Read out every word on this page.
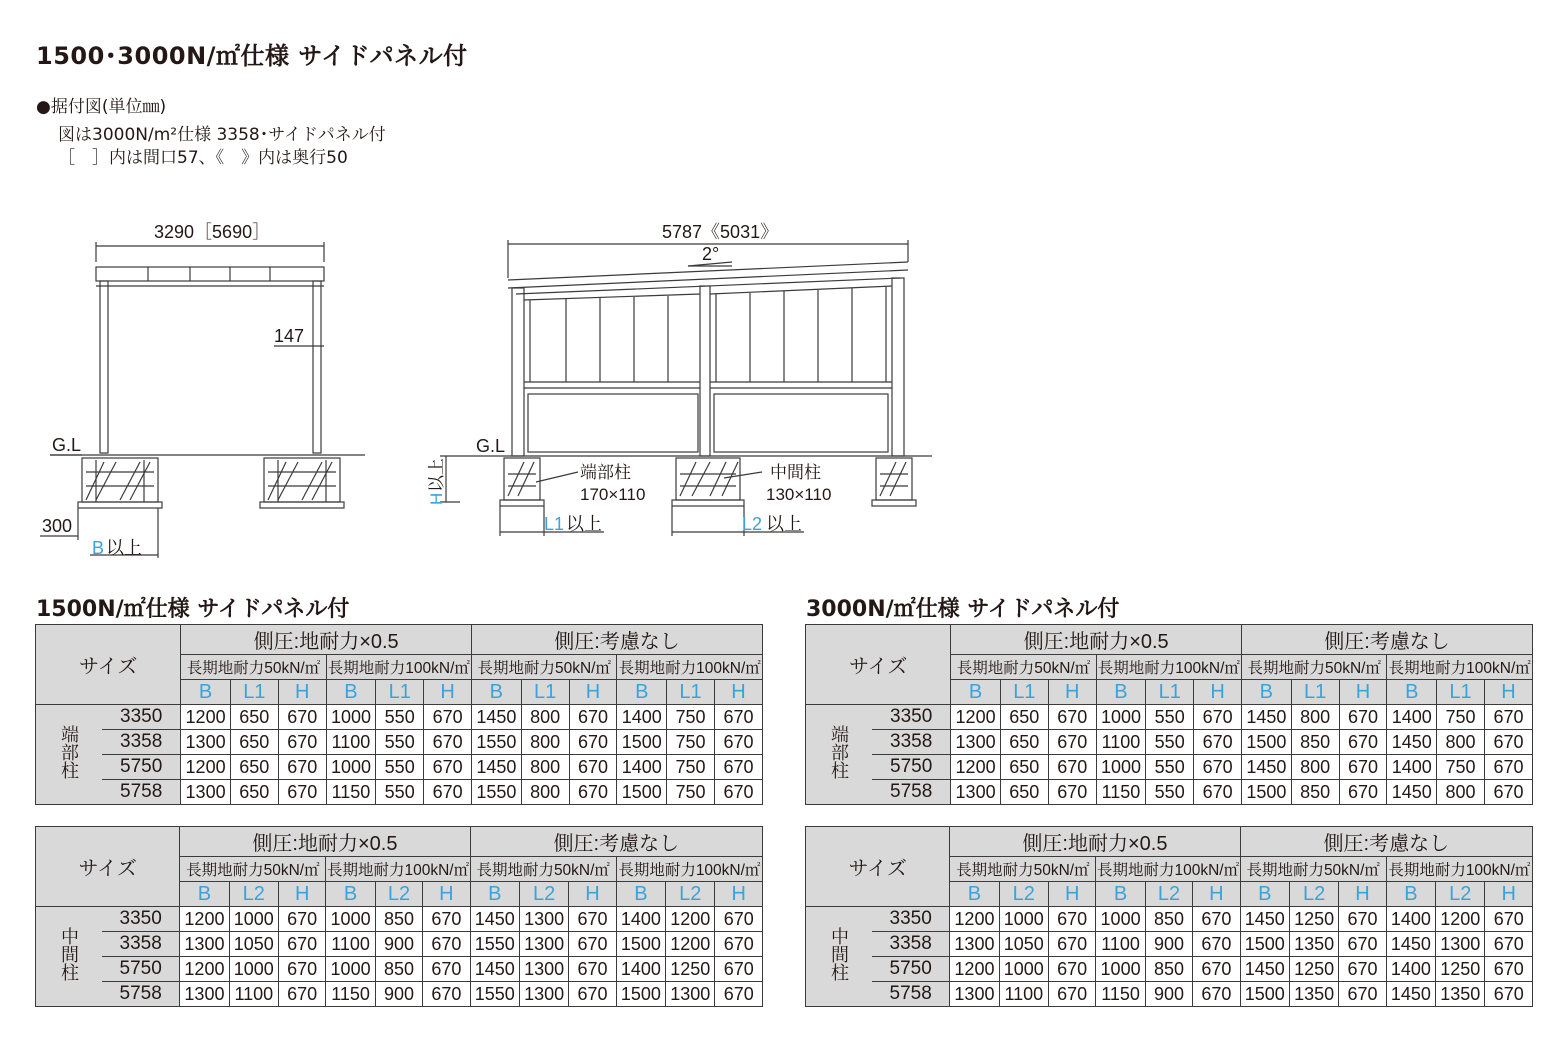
1500･3000N/㎡仕様 サイドパネル付
●据付図(単位㎜)
図は3000N/m²仕様 3358･サイドパネル付
［　］内は間口57、《　》内は奥行50
3290［5690］
147
G.L
300
B 以上
5787《5031》
2°
G.L
端部柱
170×110
中間柱
130×110
H
以上
L1 以上	L2 以上
1500N/㎡仕様 サイドパネル付	3000N/㎡仕様 サイドパネル付
サイズ		側圧:地耐力×0.5						側圧:考慮なし					
		長期地耐力50kN/㎡			長期地耐力100kN/㎡			長期地耐力50kN/㎡			長期地耐力100kN/㎡		
		B	L1	H	B	L1	H	B	L1	H	B	L1	H
端部柱	3350	1200	650	670	1000	550	670	1450	800	670	1400	750	670
	3358	1300	650	670	1100	550	670	1550	800	670	1500	750	670
	5750	1200	650	670	1000	550	670	1450	800	670	1400	750	670
	5758	1300	650	670	1150	550	670	1550	800	670	1500	750	670
サイズ		側圧:地耐力×0.5						側圧:考慮なし					
		長期地耐力50kN/㎡			長期地耐力100kN/㎡			長期地耐力50kN/㎡			長期地耐力100kN/㎡		
		B	L2	H	B	L2	H	B	L2	H	B	L2	H
中間柱	3350	1200	1000	670	1000	850	670	1450	1300	670	1400	1200	670
	3358	1300	1050	670	1100	900	670	1550	1300	670	1500	1200	670
	5750	1200	1000	670	1000	850	670	1450	1300	670	1400	1250	670
	5758	1300	1100	670	1150	900	670	1550	1300	670	1500	1300	670
サイズ		側圧:地耐力×0.5						側圧:考慮なし					
		長期地耐力50kN/㎡			長期地耐力100kN/㎡			長期地耐力50kN/㎡			長期地耐力100kN/㎡		
		B	L1	H	B	L1	H	B	L1	H	B	L1	H
端部柱	3350	1200	650	670	1000	550	670	1450	800	670	1400	750	670
	3358	1300	650	670	1100	550	670	1500	850	670	1450	800	670
	5750	1200	650	670	1000	550	670	1450	800	670	1400	750	670
	5758	1300	650	670	1150	550	670	1500	850	670	1450	800	670
サイズ		側圧:地耐力×0.5						側圧:考慮なし					
		長期地耐力50kN/㎡			長期地耐力100kN/㎡			長期地耐力50kN/㎡			長期地耐力100kN/㎡		
		B	L2	H	B	L2	H	B	L2	H	B	L2	H
中間柱	3350	1200	1000	670	1000	850	670	1450	1250	670	1400	1200	670
	3358	1300	1050	670	1100	900	670	1500	1350	670	1450	1300	670
	5750	1200	1000	670	1000	850	670	1450	1250	670	1400	1250	670
	5758	1300	1100	670	1150	900	670	1500	1350	670	1450	1350	670
